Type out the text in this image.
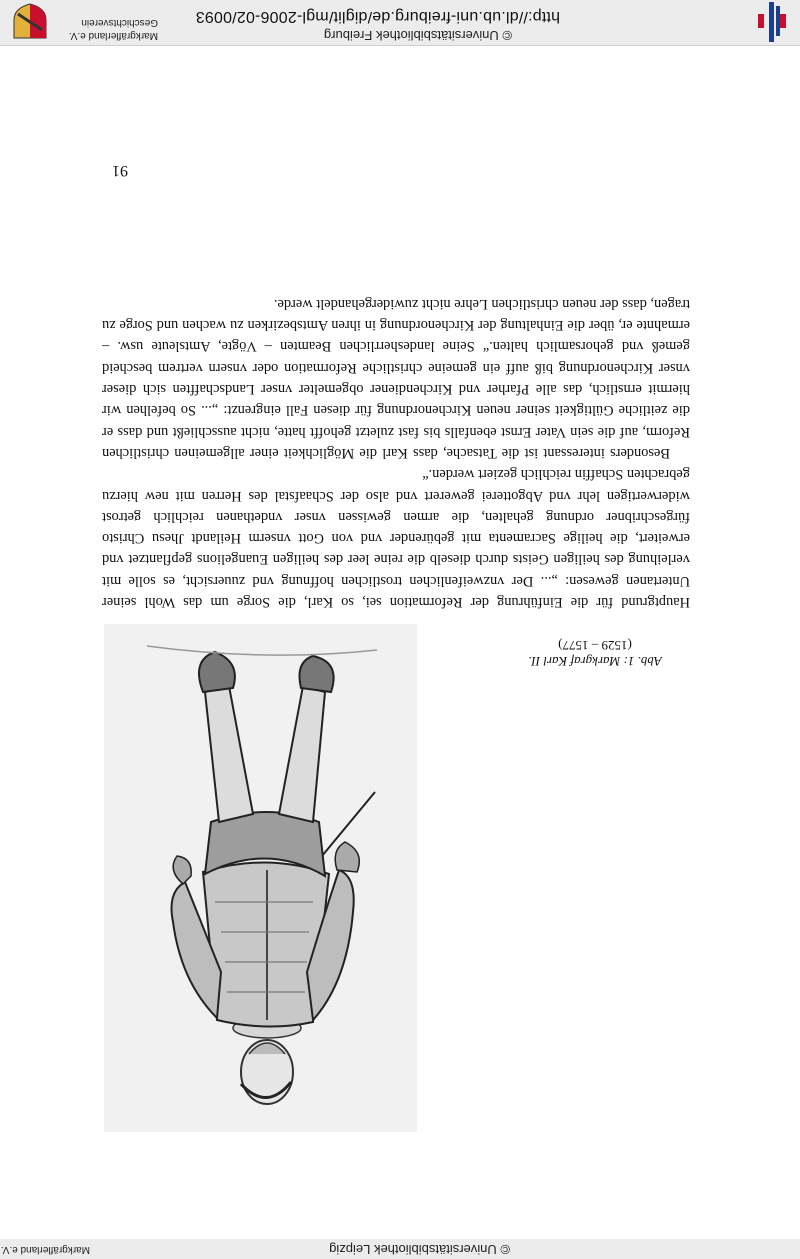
© Universitätsbibliothek Leipzig
Markgräflerland e.V.
Abb. 1: Markgraf Karl II.
(1529 – 1577)

Hauptgrund für die Einführung der Reformation sei, so Karl, die Sorge um das Wohl seiner Untertanen gewesen: „... Der vnzweifenlichen trostlichen hoffnung vnd zuuersicht, es solle mit verleihung des heiligen Geists durch dieselb die reine leer des heiligen Euangelions gepflantzet vnd erweitert, die heilige Sacramenta mit gebürender vnd von Gott vnserm Heilandt Jhesu Christo fürgeschribner ordnung gehalten, die armen gewissen vnser vndethanen reichlich getrost widerwertigen lehr vnd Abgotterei gewerert vnd also der Schaafstal des Herren mit new hierzu gebrachten Schaffin reichlich geziert werden.“

Besonders interessant ist die Tatsache, dass Karl die Möglichkeit einer allgemeinen christlichen Reform, auf die sein Vater Ernst ebenfalls bis fast zuletzt gehofft hatte, nicht ausschließt und dass er die zeitliche Gültigkeit seiner neuen Kirchenordnung für diesen Fall eingrenzt: „... So befelhen wir hiermit ernstlich, das alle Pfarher vnd Kirchendiener obgemelter vnser Landschafften sich dieser vnser Kirchenordnung biß auff ein gemeine christliche Reformation oder vnsern vertrem bescheid gemeß vnd gehorsamlich halten.“ Seine landesherrlichen Beamten – Vögte, Amtsleute usw. – ermahnte er, über die Einhaltung der Kirchenordnung in ihren Amtsbezirken zu wachen und Sorge zu tragen, dass der neuen christlichen Lehre nicht zuwidergehandelt werde.

91
http://dl.ub.uni-freiburg.de/diglit/mgl-2006-02/0093
© Universitätsbibliothek Freiburg
Markgräflerland e.V.
Geschichtsverein
